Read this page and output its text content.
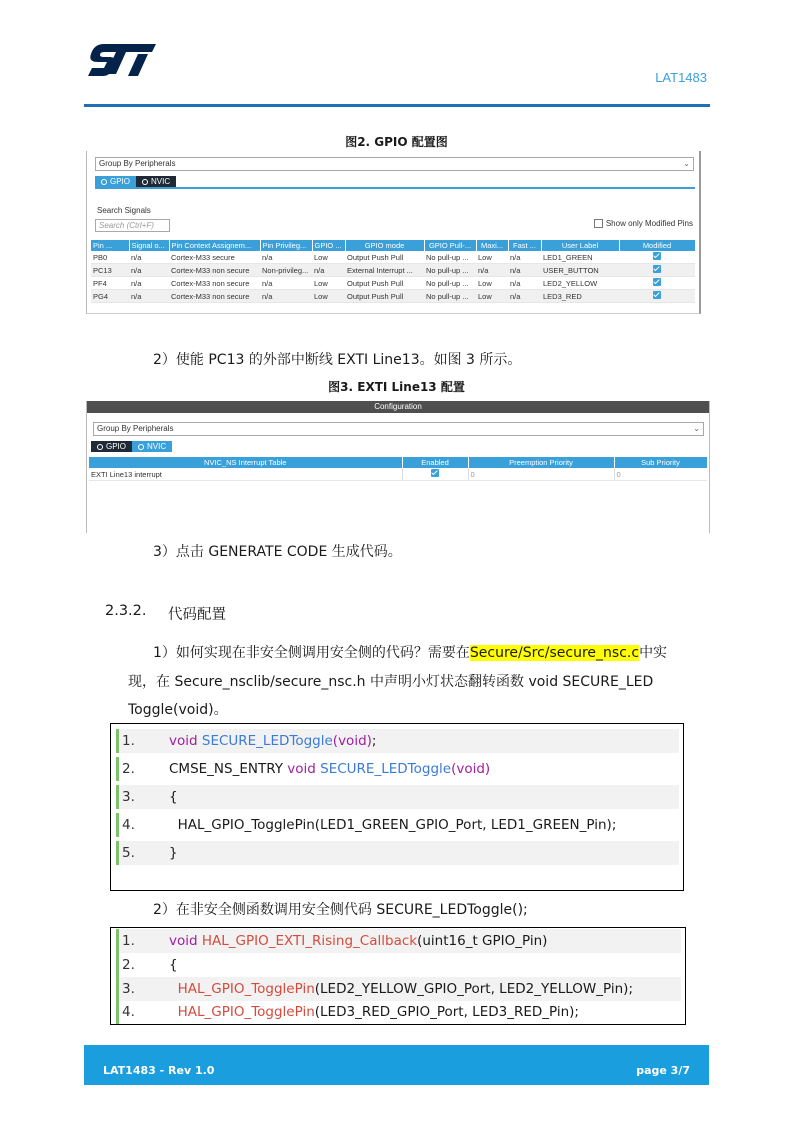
LAT1483
图2. GPIO 配置图
Group By Peripherals	⌄
GPIO	NVIC
Search Signals
Search (Ctrl+F)	Show only Modified Pins
Pin ...	Signal o...	Pin Context Assignem...	Pin Privileg...	GPIO ...	GPIO mode	GPIO Pull-...	Maxi...	Fast ...	User Label	Modified
PB0	n/a	Cortex-M33 secure	n/a	Low	Output Push Pull	No pull-up ...	Low	n/a	LED1_GREEN	
PC13	n/a	Cortex-M33 non secure	Non-privileg...	n/a	External Interrupt ...	No pull-up ...	n/a	n/a	USER_BUTTON	
PF4	n/a	Cortex-M33 non secure	n/a	Low	Output Push Pull	No pull-up ...	Low	n/a	LED2_YELLOW	
PG4	n/a	Cortex-M33 non secure	n/a	Low	Output Push Pull	No pull-up ...	Low	n/a	LED3_RED	
2）使能 PC13 的外部中断线 EXTI Line13。如图 3 所示。
图3. EXTI Line13 配置
Configuration
Group By Peripherals	⌄
GPIO	NVIC
NVIC_NS Interrupt Table	Enabled	Preemption Priority	Sub Priority
EXTI Line13 interrupt		0	0
3）点击 GENERATE CODE 生成代码。
2.3.2. 代码配置
1）如何实现在非安全侧调用安全侧的代码？需要在Secure/Src/secure_nsc.c中实
现，在 Secure_nsclib/secure_nsc.h 中声明小灯状态翻转函数 void SECURE_LED
Toggle(void)。
1.	void SECURE_LEDToggle(void);
2.	CMSE_NS_ENTRY void SECURE_LEDToggle(void)
3.	{
4.	HAL_GPIO_TogglePin(LED1_GREEN_GPIO_Port, LED1_GREEN_Pin);
5.	}
2）在非安全侧函数调用安全侧代码 SECURE_LEDToggle();
1.	void HAL_GPIO_EXTI_Rising_Callback(uint16_t GPIO_Pin)
2.	{
3.	HAL_GPIO_TogglePin(LED2_YELLOW_GPIO_Port, LED2_YELLOW_Pin);
4.	HAL_GPIO_TogglePin(LED3_RED_GPIO_Port, LED3_RED_Pin);
LAT1483 - Rev 1.0	page 3/7
